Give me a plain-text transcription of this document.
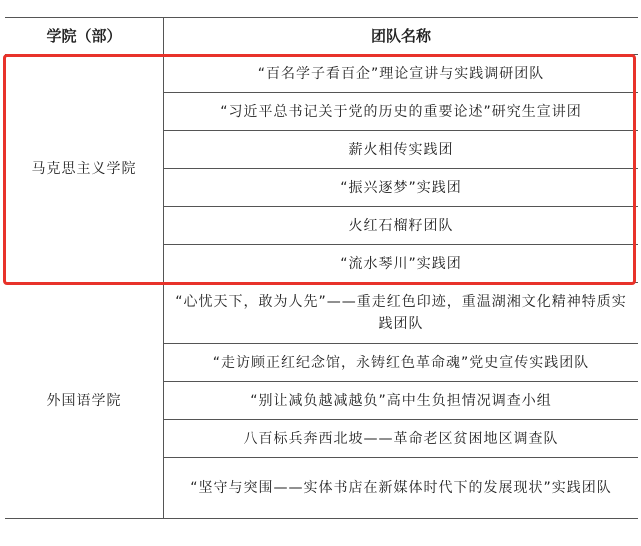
学院（部）	团队名称
马克思主义学院	“百名学子看百企”理论宣讲与实践调研团队
	“习近平总书记关于党的历史的重要论述”研究生宣讲团
	薪火相传实践团
	“振兴逐梦”实践团
	火红石榴籽团队
	“流水琴川”实践团
外国语学院	“心忧天下，敢为人先”——重走红色印迹，重温湖湘文化精神特质实践团队
	“走访顾正红纪念馆，永铸红色革命魂”党史宣传实践团队
	“别让减负越减越负”高中生负担情况调查小组
	八百标兵奔西北坡——革命老区贫困地区调查队
	“坚守与突围——实体书店在新媒体时代下的发展现状”实践团队
